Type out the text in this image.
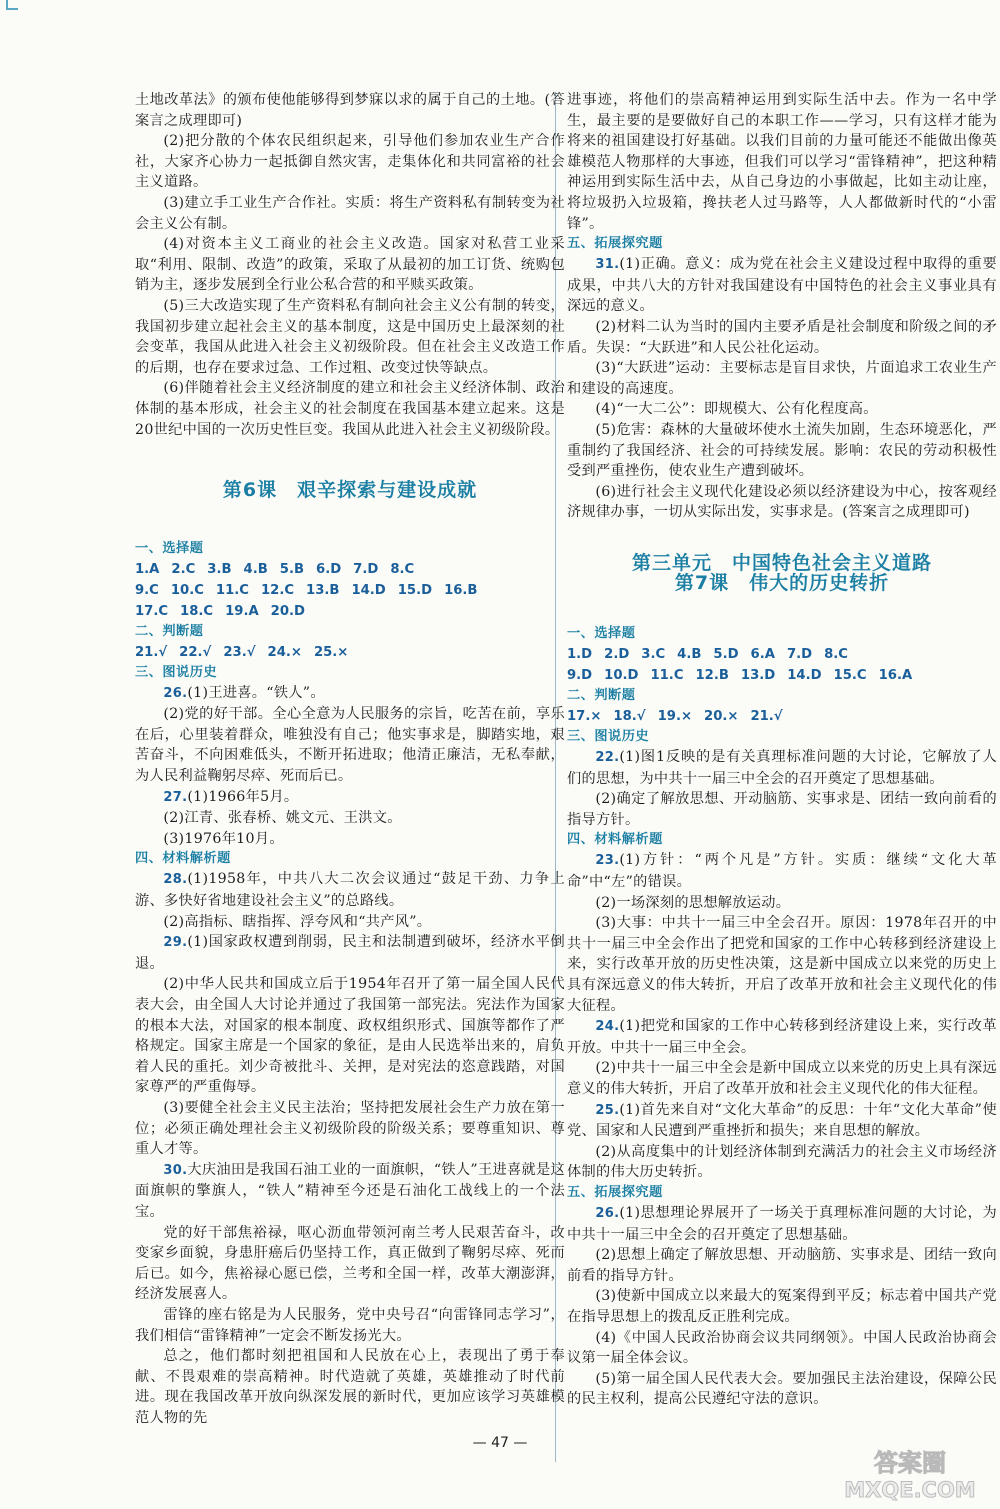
土地改革法》的颁布使他能够得到梦寐以求的属于自己的土地。(答案言之成理即可)

(2)把分散的个体农民组织起来，引导他们参加农业生产合作社，大家齐心协力一起抵御自然灾害，走集体化和共同富裕的社会主义道路。

(3)建立手工业生产合作社。实质：将生产资料私有制转变为社会主义公有制。

(4)对资本主义工商业的社会主义改造。国家对私营工业采取“利用、限制、改造”的政策，采取了从最初的加工订货、统购包销为主，逐步发展到全行业公私合营的和平赎买政策。

(5)三大改造实现了生产资料私有制向社会主义公有制的转变，我国初步建立起社会主义的基本制度，这是中国历史上最深刻的社会变革，我国从此进入社会主义初级阶段。但在社会主义改造工作的后期，也存在要求过急、工作过粗、改变过快等缺点。

(6)伴随着社会主义经济制度的建立和社会主义经济体制、政治体制的基本形成，社会主义的社会制度在我国基本建立起来。这是20世纪中国的一次历史性巨变。我国从此进入社会主义初级阶段。

第6课　艰辛探索与建设成就

一、选择题

1.A 2.C 3.B 4.B 5.B 6.D 7.D 8.C

9.C 10.C 11.C 12.C 13.B 14.D 15.D 16.B

17.C 18.C 19.A 20.D

二、判断题

21.√ 22.√ 23.√ 24.× 25.×

三、图说历史

26.(1)王进喜。“铁人”。

(2)党的好干部。全心全意为人民服务的宗旨，吃苦在前，享乐在后，心里装着群众，唯独没有自己；他实事求是，脚踏实地，艰苦奋斗，不向困难低头，不断开拓进取；他清正廉洁，无私奉献，为人民利益鞠躬尽瘁、死而后已。

27.(1)1966年5月。

(2)江青、张春桥、姚文元、王洪文。

(3)1976年10月。

四、材料解析题

28.(1)1958年，中共八大二次会议通过“鼓足干劲、力争上游、多快好省地建设社会主义”的总路线。

(2)高指标、瞎指挥、浮夸风和“共产风”。

29.(1)国家政权遭到削弱，民主和法制遭到破坏，经济水平倒退。

(2)中华人民共和国成立后于1954年召开了第一届全国人民代表大会，由全国人大讨论并通过了我国第一部宪法。宪法作为国家的根本大法，对国家的根本制度、政权组织形式、国旗等都作了严格规定。国家主席是一个国家的象征，是由人民选举出来的，肩负着人民的重托。刘少奇被批斗、关押，是对宪法的恣意践踏，对国家尊严的严重侮辱。

(3)要健全社会主义民主法治；坚持把发展社会生产力放在第一位；必须正确处理社会主义初级阶段的阶级关系；要尊重知识、尊重人才等。

30.大庆油田是我国石油工业的一面旗帜，“铁人”王进喜就是这面旗帜的擎旗人，“铁人”精神至今还是石油化工战线上的一个法宝。

党的好干部焦裕禄，呕心沥血带领河南兰考人民艰苦奋斗，改变家乡面貌，身患肝癌后仍坚持工作，真正做到了鞠躬尽瘁、死而后已。如今，焦裕禄心愿已偿，兰考和全国一样，改革大潮澎湃，经济发展喜人。

雷锋的座右铭是为人民服务，党中央号召“向雷锋同志学习”，我们相信“雷锋精神”一定会不断发扬光大。

总之，他们都时刻把祖国和人民放在心上，表现出了勇于奉献、不畏艰难的崇高精神。时代造就了英雄，英雄推动了时代前进。现在我国改革开放向纵深发展的新时代，更加应该学习英雄模范人物的先

进事迹，将他们的崇高精神运用到实际生活中去。作为一名中学生，最主要的是要做好自己的本职工作——学习，只有这样才能为将来的祖国建设打好基础。以我们目前的力量可能还不能做出像英雄模范人物那样的大事迹，但我们可以学习“雷锋精神”，把这种精神运用到实际生活中去，从自己身边的小事做起，比如主动让座，将垃圾扔入垃圾箱，搀扶老人过马路等，人人都做新时代的“小雷锋”。

五、拓展探究题

31.(1)正确。意义：成为党在社会主义建设过程中取得的重要成果，中共八大的方针对我国建设有中国特色的社会主义事业具有深远的意义。

(2)材料二认为当时的国内主要矛盾是社会制度和阶级之间的矛盾。失误：“大跃进”和人民公社化运动。

(3)“大跃进”运动：主要标志是盲目求快，片面追求工农业生产和建设的高速度。

(4)“一大二公”：即规模大、公有化程度高。

(5)危害：森林的大量破坏使水土流失加剧，生态环境恶化，严重制约了我国经济、社会的可持续发展。影响：农民的劳动积极性受到严重挫伤，使农业生产遭到破坏。

(6)进行社会主义现代化建设必须以经济建设为中心，按客观经济规律办事，一切从实际出发，实事求是。(答案言之成理即可)

第三单元　中国特色社会主义道路

第7课　伟大的历史转折

一、选择题

1.D 2.D 3.C 4.B 5.D 6.A 7.D 8.C

9.D 10.D 11.C 12.B 13.D 14.D 15.C 16.A

二、判断题

17.× 18.√ 19.× 20.× 21.√

三、图说历史

22.(1)图1反映的是有关真理标准问题的大讨论，它解放了人们的思想，为中共十一届三中全会的召开奠定了思想基础。

(2)确定了解放思想、开动脑筋、实事求是、团结一致向前看的指导方针。

四、材料解析题

23.(1)方针：“两个凡是”方针。实质：继续“文化大革命”中“左”的错误。

(2)一场深刻的思想解放运动。

(3)大事：中共十一届三中全会召开。原因：1978年召开的中共十一届三中全会作出了把党和国家的工作中心转移到经济建设上来，实行改革开放的历史性决策，这是新中国成立以来党的历史上具有深远意义的伟大转折，开启了改革开放和社会主义现代化的伟大征程。

24.(1)把党和国家的工作中心转移到经济建设上来，实行改革开放。中共十一届三中全会。

(2)中共十一届三中全会是新中国成立以来党的历史上具有深远意义的伟大转折，开启了改革开放和社会主义现代化的伟大征程。

25.(1)首先来自对“文化大革命”的反思：十年“文化大革命”使党、国家和人民遭到严重挫折和损失；来自思想的解放。

(2)从高度集中的计划经济体制到充满活力的社会主义市场经济体制的伟大历史转折。

五、拓展探究题

26.(1)思想理论界展开了一场关于真理标准问题的大讨论，为中共十一届三中全会的召开奠定了思想基础。

(2)思想上确定了解放思想、开动脑筋、实事求是、团结一致向前看的指导方针。

(3)使新中国成立以来最大的冤案得到平反；标志着中国共产党在指导思想上的拨乱反正胜利完成。

(4)《中国人民政治协商会议共同纲领》。中国人民政治协商会议第一届全体会议。

(5)第一届全国人民代表大会。要加强民主法治建设，保障公民的民主权利，提高公民遵纪守法的意识。

— 47 —
答案圈
MXQE.COM
